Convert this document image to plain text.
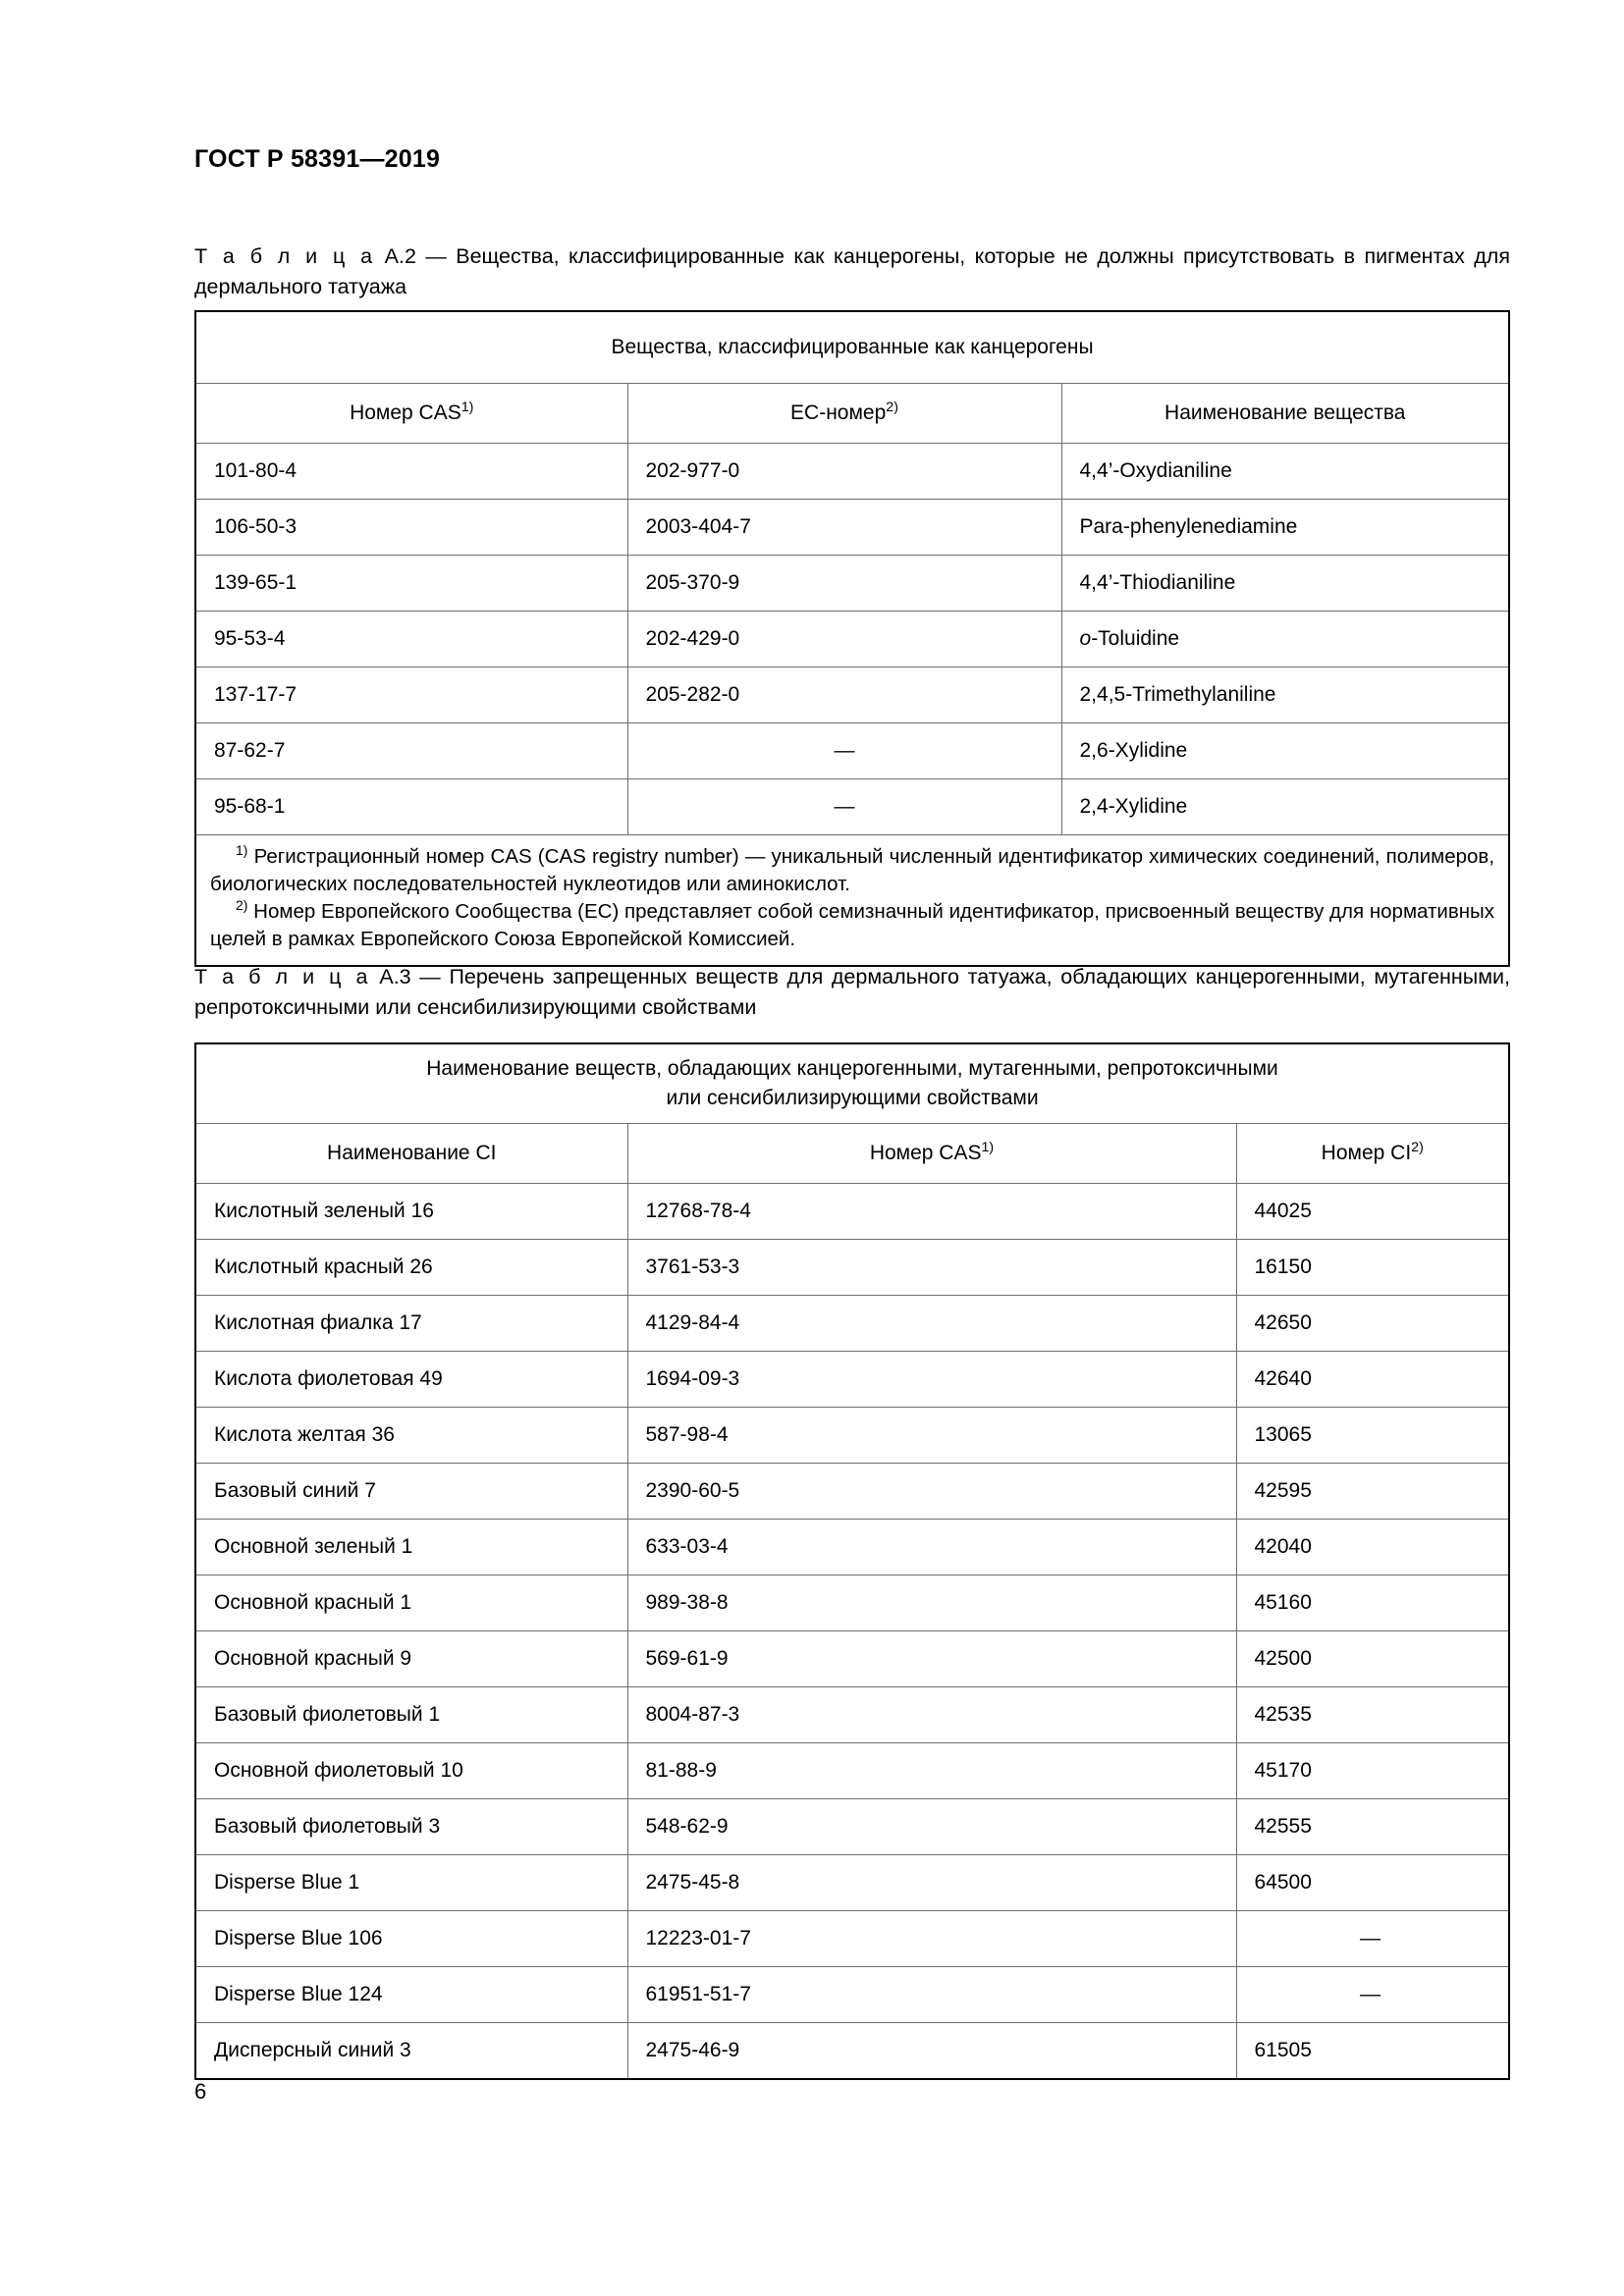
ГОСТ Р 58391—2019
Т а б л и ц а А.2 — Вещества, классифицированные как канцерогены, которые не должны присутствовать в пигментах для дермального татуажа
Вещества, классифицированные как канцерогены		
Номер CAS$^{1)}$	EC-номер$^{2)}$	Наименование вещества
101-80-4	202-977-0	4,4’-Oxydianiline
106-50-3	2003-404-7	Para-phenylenediamine
139-65-1	205-370-9	4,4’-Thiodianiline
95-53-4	202-429-0	o-Toluidine
137-17-7	205-282-0	2,4,5-Trimethylaniline
87-62-7	—	2,6-Xylidine
95-68-1	—	2,4-Xylidine

$^{1)}$ Регистрационный номер CAS (CAS registry number) — уникальный численный идентификатор химических соединений, полимеров, биологических последовательностей нуклеотидов или аминокислот.

$^{2)}$ Номер Европейского Сообщества (ЕС) представляет собой семизначный идентификатор, присвоенный веществу для нормативных целей в рамках Европейского Союза Европейской Комиссией.		

Т а б л и ц а А.3 — Перечень запрещенных веществ для дермального татуажа, обладающих канцерогенными, мутагенными, репротоксичными или сенсибилизирующими свойствами
Наименование веществ, обладающих канцерогенными, мутагенными, репротоксичными
или сенсибилизирующими свойствами		

Наименование CI	Номер CAS$^{1)}$	Номер CI$^{2)}$
Кислотный зеленый 16	12768-78-4	44025
Кислотный красный 26	3761-53-3	16150
Кислотная фиалка 17	4129-84-4	42650
Кислота фиолетовая 49	1694-09-3	42640
Кислота желтая 36	587-98-4	13065
Базовый синий 7	2390-60-5	42595
Основной зеленый 1	633-03-4	42040
Основной красный 1	989-38-8	45160
Основной красный 9	569-61-9	42500
Базовый фиолетовый 1	8004-87-3	42535
Основной фиолетовый 10	81-88-9	45170
Базовый фиолетовый 3	548-62-9	42555
Disperse Blue 1	2475-45-8	64500
Disperse Blue 106	12223-01-7	—
Disperse Blue 124	61951-51-7	—
Дисперсный синий 3	2475-46-9	61505
6
